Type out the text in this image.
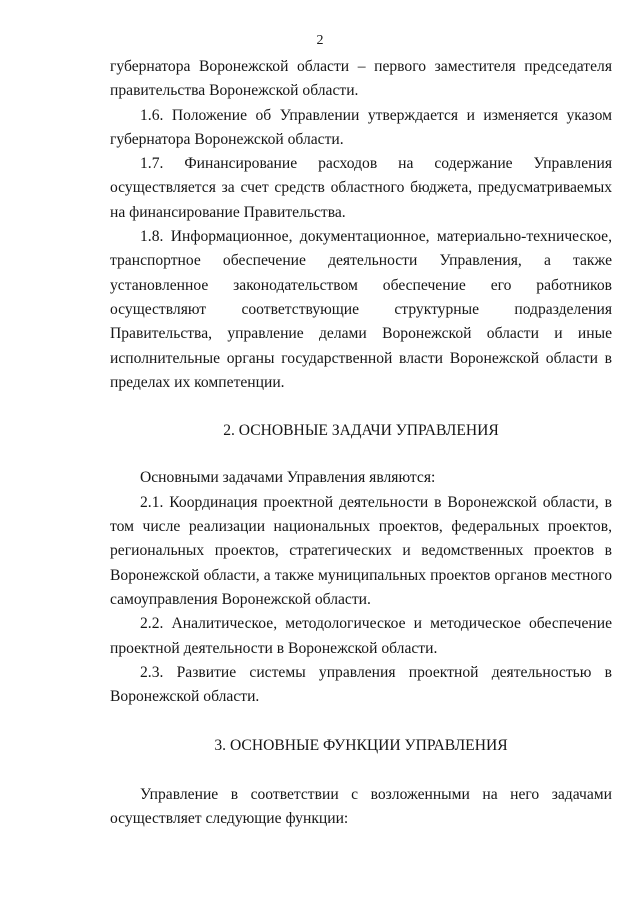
2

губернатора Воронежской области – первого заместителя председателя правительства Воронежской области.

1.6. Положение об Управлении утверждается и изменяется указом губернатора Воронежской области.

1.7. Финансирование расходов на содержание Управления осуществляется за счет средств областного бюджета, предусматриваемых на финансирование Правительства.

1.8. Информационное, документационное, материально-техническое, транспортное обеспечение деятельности Управления, а также установленное законодательством обеспечение его работников осуществляют соответствующие структурные подразделения Правительства, управление делами Воронежской области и иные исполнительные органы государственной власти Воронежской области в пределах их компетенции.

2. ОСНОВНЫЕ ЗАДАЧИ УПРАВЛЕНИЯ

Основными задачами Управления являются:

2.1. Координация проектной деятельности в Воронежской области, в том числе реализации национальных проектов, федеральных проектов, региональных проектов, стратегических и ведомственных проектов в Воронежской области, а также муниципальных проектов органов местного самоуправления Воронежской области.

2.2. Аналитическое, методологическое и методическое обеспечение проектной деятельности в Воронежской области.

2.3. Развитие системы управления проектной деятельностью в Воронежской области.

3. ОСНОВНЫЕ ФУНКЦИИ УПРАВЛЕНИЯ

Управление в соответствии с возложенными на него задачами осуществляет следующие функции:
